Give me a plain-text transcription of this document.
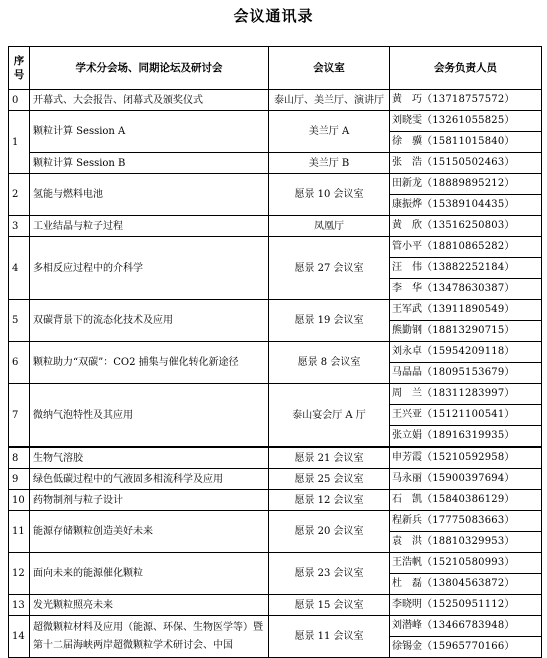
会议通讯录
序号	学术分会场、同期论坛及研讨会	会议室	会务负责人员
0	开幕式、大会报告、闭幕式及颁奖仪式	泰山厅、美兰厅、演讲厅	黄　巧（13718757572）

1	颗粒计算 Session A	美兰厅 A	刘晓雯（13261055825）
徐　骥（15811015840）

	颗粒计算 Session B	美兰厅 B	张　浩（15150502463）

2	氢能与燃料电池	愿景 10 会议室	田新龙（18889895212）
康振烨（15389104435）

3	工业结晶与粒子过程	凤凰厅	黄　欣（13516250803）

4	多相反应过程中的介科学	愿景 27 会议室	管小平（18810865282）
汪　伟（13882252184）
李　华（13478630387）

5	双碳背景下的流态化技术及应用	愿景 19 会议室	王军武（13911890549）
熊勤钢（18813290715）

6	颗粒助力“双碳”：CO2 捕集与催化转化新途径	愿景 8 会议室	刘永卓（15954209118）
马晶晶（18095153679）

7	微纳气泡特性及其应用	泰山宴会厅 A 厅	周　兰（18311283997）
王兴亚（15121100541）
张立娟（18916319935）

8	生物气溶胶	愿景 21 会议室	申芳霞（15210592958）

9	绿色低碳过程中的气液固多相流科学及应用	愿景 25 会议室	马永丽（15900397694）

10	药物制剂与粒子设计	愿景 12 会议室	石　凯（15840386129）

11	能源存储颗粒创造美好未来	愿景 20 会议室	程新兵（17775083663）
袁　洪（18810329953）

12	面向未来的能源催化颗粒	愿景 23 会议室	王浩帆（15210580993）
杜　磊（13804563872）

13	发光颗粒照亮未来	愿景 15 会议室	李晓明（15250951112）

14	超微颗粒材料及应用（能源、环保、生物医学等）暨第十二届海峡两岸超微颗粒学术研讨会、中国	愿景 11 会议室	刘潜峰（13466783948）
徐锡金（15965770166）
